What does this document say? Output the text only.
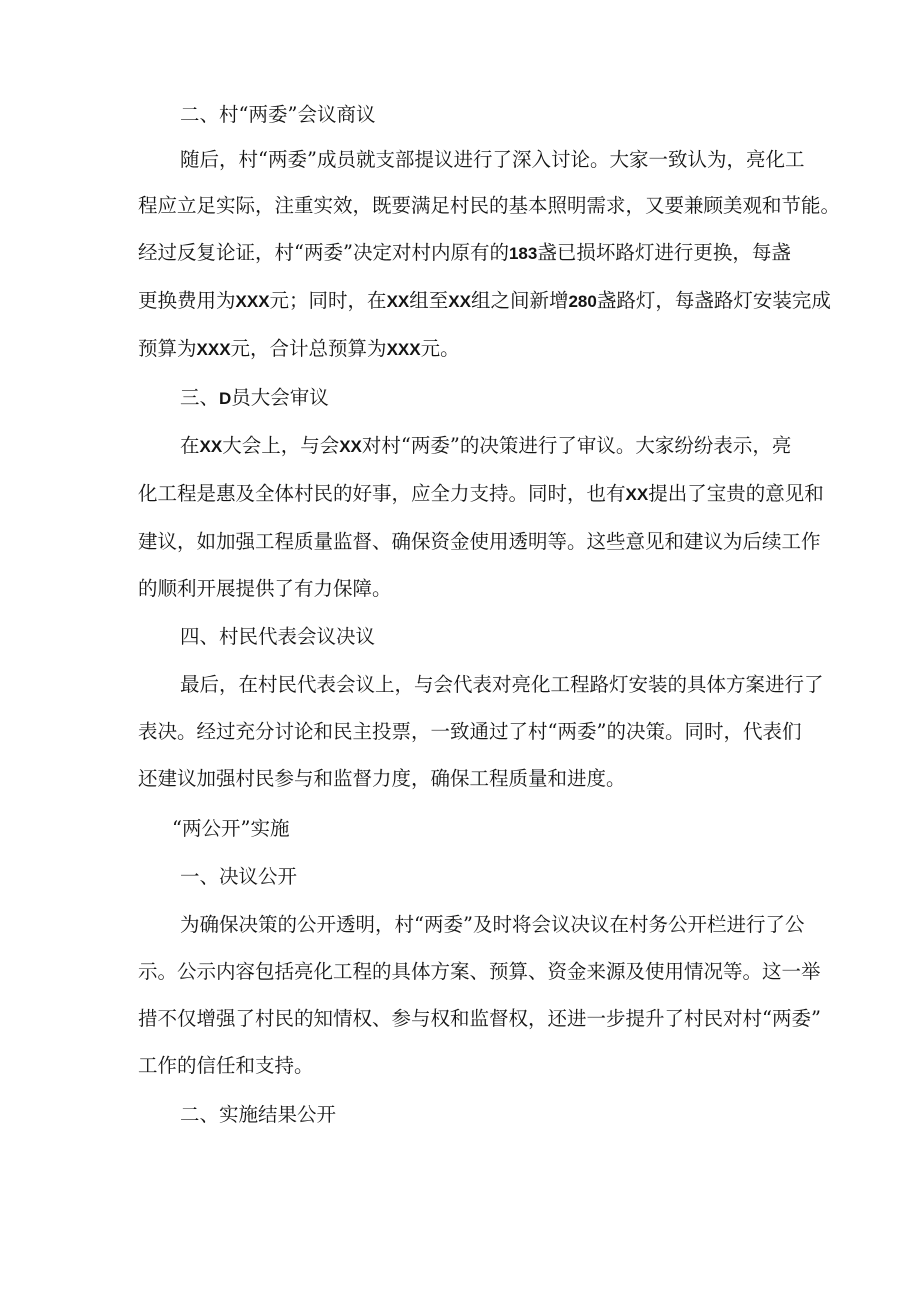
二、村“两委”会议商议

随后，村“两委”成员就支部提议进行了深入讨论。大家一致认为，亮化工

程应立足实际，注重实效，既要满足村民的基本照明需求，又要兼顾美观和节能。

经过反复论证，村“两委”决定对村内原有的183盏已损坏路灯进行更换，每盏

更换费用为XXX元；同时，在XX组至XX组之间新增280盏路灯，每盏路灯安装完成

预算为XXX元，合计总预算为XXX元。

三、D员大会审议

在XX大会上，与会XX对村“两委”的决策进行了审议。大家纷纷表示，亮

化工程是惠及全体村民的好事，应全力支持。同时，也有XX提出了宝贵的意见和

建议，如加强工程质量监督、确保资金使用透明等。这些意见和建议为后续工作

的顺利开展提供了有力保障。

四、村民代表会议决议

最后，在村民代表会议上，与会代表对亮化工程路灯安装的具体方案进行了

表决。经过充分讨论和民主投票，一致通过了村“两委”的决策。同时，代表们

还建议加强村民参与和监督力度，确保工程质量和进度。

“两公开”实施

一、决议公开

为确保决策的公开透明，村“两委”及时将会议决议在村务公开栏进行了公

示。公示内容包括亮化工程的具体方案、预算、资金来源及使用情况等。这一举

措不仅增强了村民的知情权、参与权和监督权，还进一步提升了村民对村“两委”

工作的信任和支持。

二、实施结果公开
